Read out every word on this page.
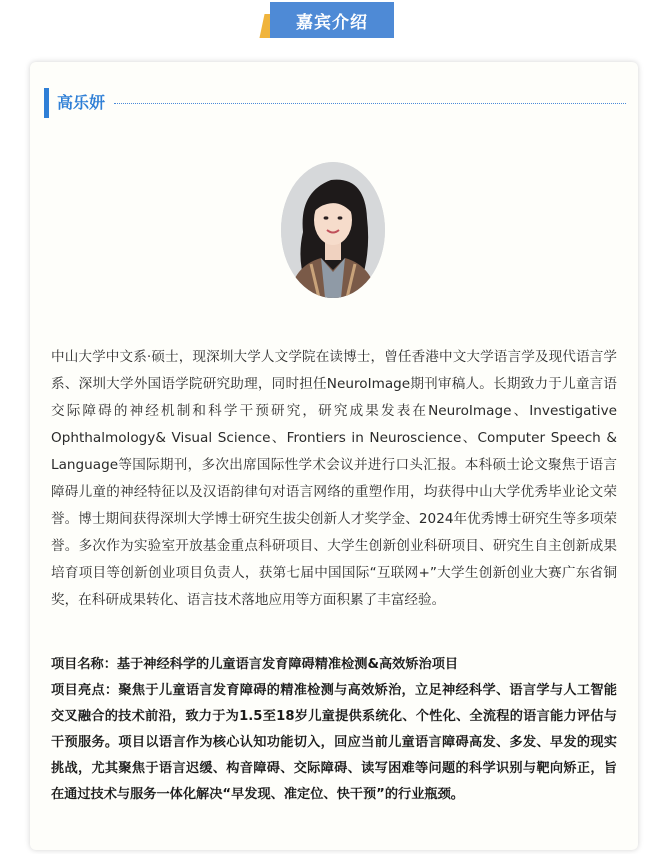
嘉宾介绍
高乐妍

中山大学中文系·硕士，现深圳大学人文学院在读博士，曾任香港中文大学语言学及现代语言学系、深圳大学外国语学院研究助理，同时担任NeuroImage期刊审稿人。长期致力于儿童言语交际障碍的神经机制和科学干预研究，研究成果发表在NeuroImage、Investigative Ophthalmology& Visual Science、Frontiers in Neuroscience、Computer Speech & Language等国际期刊，多次出席国际性学术会议并进行口头汇报。本科硕士论文聚焦于语言障碍儿童的神经特征以及汉语韵律句对语言网络的重塑作用，均获得中山大学优秀毕业论文荣誉。博士期间获得深圳大学博士研究生拔尖创新人才奖学金、2024年优秀博士研究生等多项荣誉。多次作为实验室开放基金重点科研项目、大学生创新创业科研项目、研究生自主创新成果培育项目等创新创业项目负责人，获第七届中国国际“互联网+”大学生创新创业大赛广东省铜奖，在科研成果转化、语言技术落地应用等方面积累了丰富经验。

项目名称：基于神经科学的儿童语言发育障碍精准检测&高效矫治项目
项目亮点：聚焦于儿童语言发育障碍的精准检测与高效矫治，立足神经科学、语言学与人工智能交叉融合的技术前沿，致力于为1.5至18岁儿童提供系统化、个性化、全流程的语言能力评估与干预服务。项目以语言作为核心认知功能切入，回应当前儿童语言障碍高发、多发、早发的现实挑战，尤其聚焦于语言迟缓、构音障碍、交际障碍、读写困难等问题的科学识别与靶向矫正，旨在通过技术与服务一体化解决“早发现、准定位、快干预”的行业瓶颈。
